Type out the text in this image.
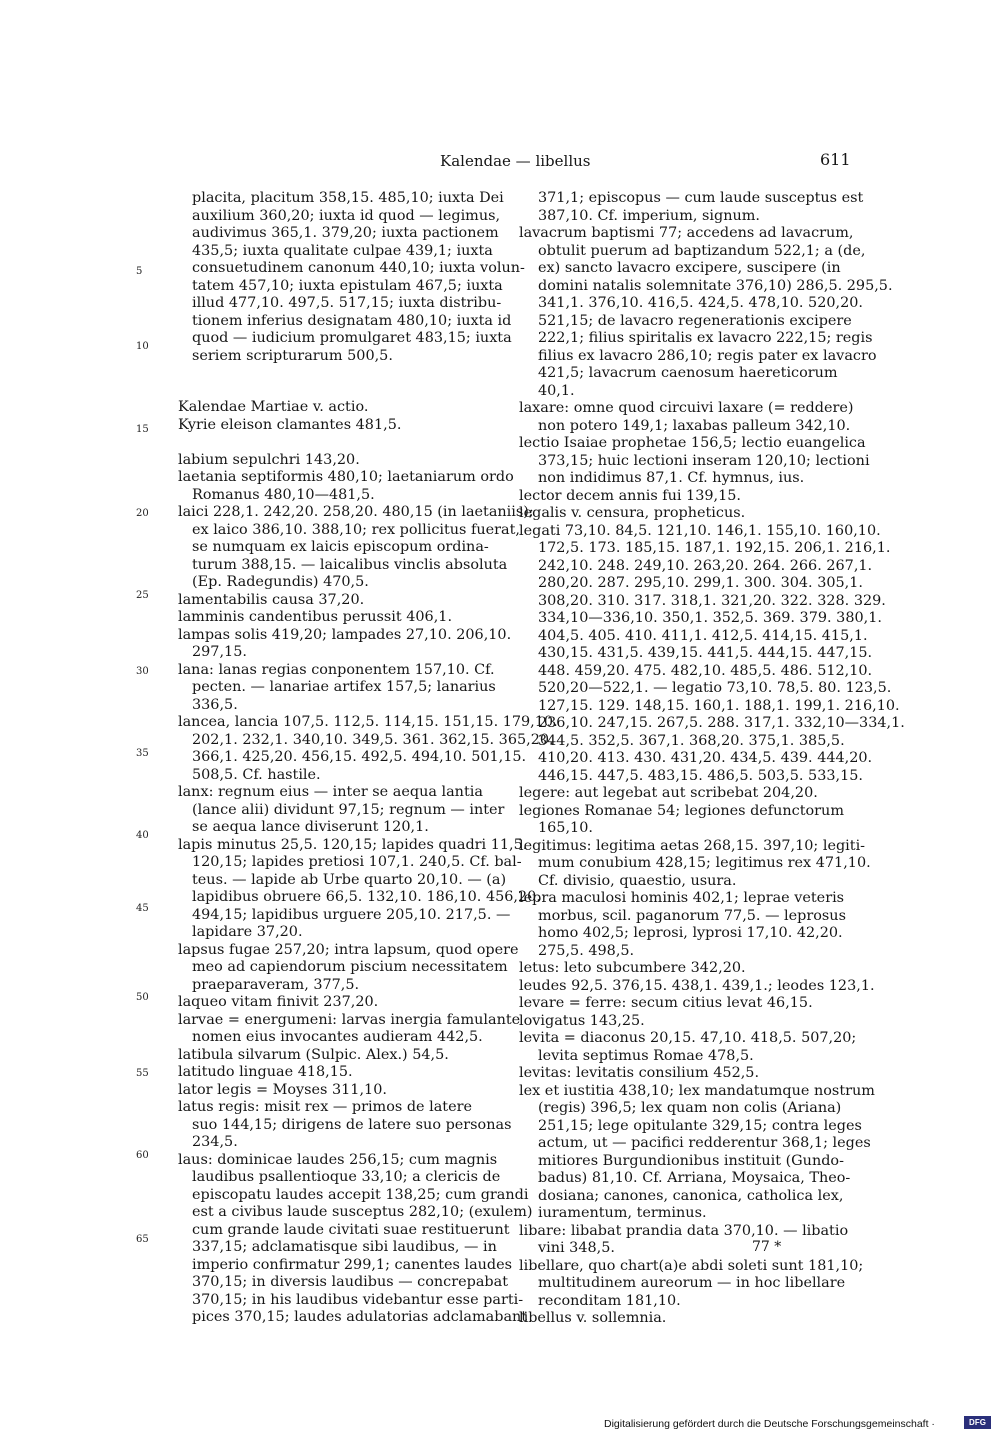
Kalendae — libellus	611
placita, placitum 358,15. 485,10; iuxta Dei
auxilium 360,20; iuxta id quod — legimus,
audivimus 365,1. 379,20; iuxta pactionem
435,5; iuxta qualitate culpae 439,1; iuxta
consuetudinem canonum 440,10; iuxta volun-
tatem 457,10; iuxta epistulam 467,5; iuxta
illud 477,10. 497,5. 517,15; iuxta distribu-
tionem inferius designatam 480,10; iuxta id
quod — iudicium promulgaret 483,15; iuxta
seriem scripturarum 500,5.
Kalendae Martiae v. actio.
Kyrie eleison clamantes 481,5.
labium sepulchri 143,20.
laetania septiformis 480,10; laetaniarum ordo
Romanus 480,10—481,5.
laici 228,1. 242,20. 258,20. 480,15 (in laetaniis);
ex laico 386,10. 388,10; rex pollicitus fuerat,
se numquam ex laicis episcopum ordina-
turum 388,15. — laicalibus vinclis absoluta
(Ep. Radegundis) 470,5.
lamentabilis causa 37,20.
lamminis candentibus perussit 406,1.
lampas solis 419,20; lampades 27,10. 206,10.
297,15.
lana: lanas regias conponentem 157,10. Cf.
pecten. — lanariae artifex 157,5; lanarius
336,5.
lancea, lancia 107,5. 112,5. 114,15. 151,15. 179,10.
202,1. 232,1. 340,10. 349,5. 361. 362,15. 365,20.
366,1. 425,20. 456,15. 492,5. 494,10. 501,15.
508,5. Cf. hastile.
lanx: regnum eius — inter se aequa lantia
(lance alii) dividunt 97,15; regnum — inter
se aequa lance diviserunt 120,1.
lapis minutus 25,5. 120,15; lapides quadri 11,5.
120,15; lapides pretiosi 107,1. 240,5. Cf. bal-
teus. — lapide ab Urbe quarto 20,10. — (a)
lapidibus obruere 66,5. 132,10. 186,10. 456,20.
494,15; lapidibus urguere 205,10. 217,5. —
lapidare 37,20.
lapsus fugae 257,20; intra lapsum, quod opere
meo ad capiendorum piscium necessitatem
praeparaveram, 377,5.
laqueo vitam finivit 237,20.
larvae = energumeni: larvas inergia famulante
nomen eius invocantes audieram 442,5.
latibula silvarum (Sulpic. Alex.) 54,5.
latitudo linguae 418,15.
lator legis = Moyses 311,10.
latus regis: misit rex — primos de latere
suo 144,15; dirigens de latere suo personas
234,5.
laus: dominicae laudes 256,15; cum magnis
laudibus psallentioque 33,10; a clericis de
episcopatu laudes accepit 138,25; cum grandi
est a civibus laude susceptus 282,10; (exulem)
cum grande laude civitati suae restituerunt
337,15; adclamatisque sibi laudibus, — in
imperio confirmatur 299,1; canentes laudes
370,15; in diversis laudibus — concrepabat
370,15; in his laudibus videbantur esse parti-
pices 370,15; laudes adulatorias adclamabant
371,1; episcopus — cum laude susceptus est
387,10. Cf. imperium, signum.
lavacrum baptismi 77; accedens ad lavacrum,
obtulit puerum ad baptizandum 522,1; a (de,
ex) sancto lavacro excipere, suscipere (in
domini natalis solemnitate 376,10) 286,5. 295,5.
341,1. 376,10. 416,5. 424,5. 478,10. 520,20.
521,15; de lavacro regenerationis excipere
222,1; filius spiritalis ex lavacro 222,15; regis
filius ex lavacro 286,10; regis pater ex lavacro
421,5; lavacrum caenosum haereticorum
40,1.
laxare: omne quod circuivi laxare (= reddere)
non potero 149,1; laxabas palleum 342,10.
lectio Isaiae prophetae 156,5; lectio euangelica
373,15; huic lectioni inseram 120,10; lectioni
non indidimus 87,1. Cf. hymnus, ius.
lector decem annis fui 139,15.
legalis v. censura, propheticus.
legati 73,10. 84,5. 121,10. 146,1. 155,10. 160,10.
172,5. 173. 185,15. 187,1. 192,15. 206,1. 216,1.
242,10. 248. 249,10. 263,20. 264. 266. 267,1.
280,20. 287. 295,10. 299,1. 300. 304. 305,1.
308,20. 310. 317. 318,1. 321,20. 322. 328. 329.
334,10—336,10. 350,1. 352,5. 369. 379. 380,1.
404,5. 405. 410. 411,1. 412,5. 414,15. 415,1.
430,15. 431,5. 439,15. 441,5. 444,15. 447,15.
448. 459,20. 475. 482,10. 485,5. 486. 512,10.
520,20—522,1. — legatio 73,10. 78,5. 80. 123,5.
127,15. 129. 148,15. 160,1. 188,1. 199,1. 216,10.
236,10. 247,15. 267,5. 288. 317,1. 332,10—334,1.
344,5. 352,5. 367,1. 368,20. 375,1. 385,5.
410,20. 413. 430. 431,20. 434,5. 439. 444,20.
446,15. 447,5. 483,15. 486,5. 503,5. 533,15.
legere: aut legebat aut scribebat 204,20.
legiones Romanae 54; legiones defunctorum
165,10.
legitimus: legitima aetas 268,15. 397,10; legiti-
mum conubium 428,15; legitimus rex 471,10.
Cf. divisio, quaestio, usura.
lepra maculosi hominis 402,1; leprae veteris
morbus, scil. paganorum 77,5. — leprosus
homo 402,5; leprosi, lyprosi 17,10. 42,20.
275,5. 498,5.
letus: leto subcumbere 342,20.
leudes 92,5. 376,15. 438,1. 439,1.; leodes 123,1.
levare = ferre: secum citius levat 46,15.
lovigatus 143,25.
levita = diaconus 20,15. 47,10. 418,5. 507,20;
levita septimus Romae 478,5.
levitas: levitatis consilium 452,5.
lex et iustitia 438,10; lex mandatumque nostrum
(regis) 396,5; lex quam non colis (Ariana)
251,15; lege opitulante 329,15; contra leges
actum, ut — pacifici redderentur 368,1; leges
mitiores Burgundionibus instituit (Gundo-
badus) 81,10. Cf. Arriana, Moysaica, Theo-
dosiana; canones, canonica, catholica lex,
iuramentum, terminus.
libare: libabat prandia data 370,10. — libatio
vini 348,5.
libellare, quo chart(a)e abdi soleti sunt 181,10;
multitudinem aureorum — in hoc libellare
reconditam 181,10.
libellus v. sollemnia.
5
10
15
20
25
30
35
40
45
50
55
60
65	77 *
Digitalisierung gefördert durch die Deutsche Forschungsgemeinschaft ·	DFG
